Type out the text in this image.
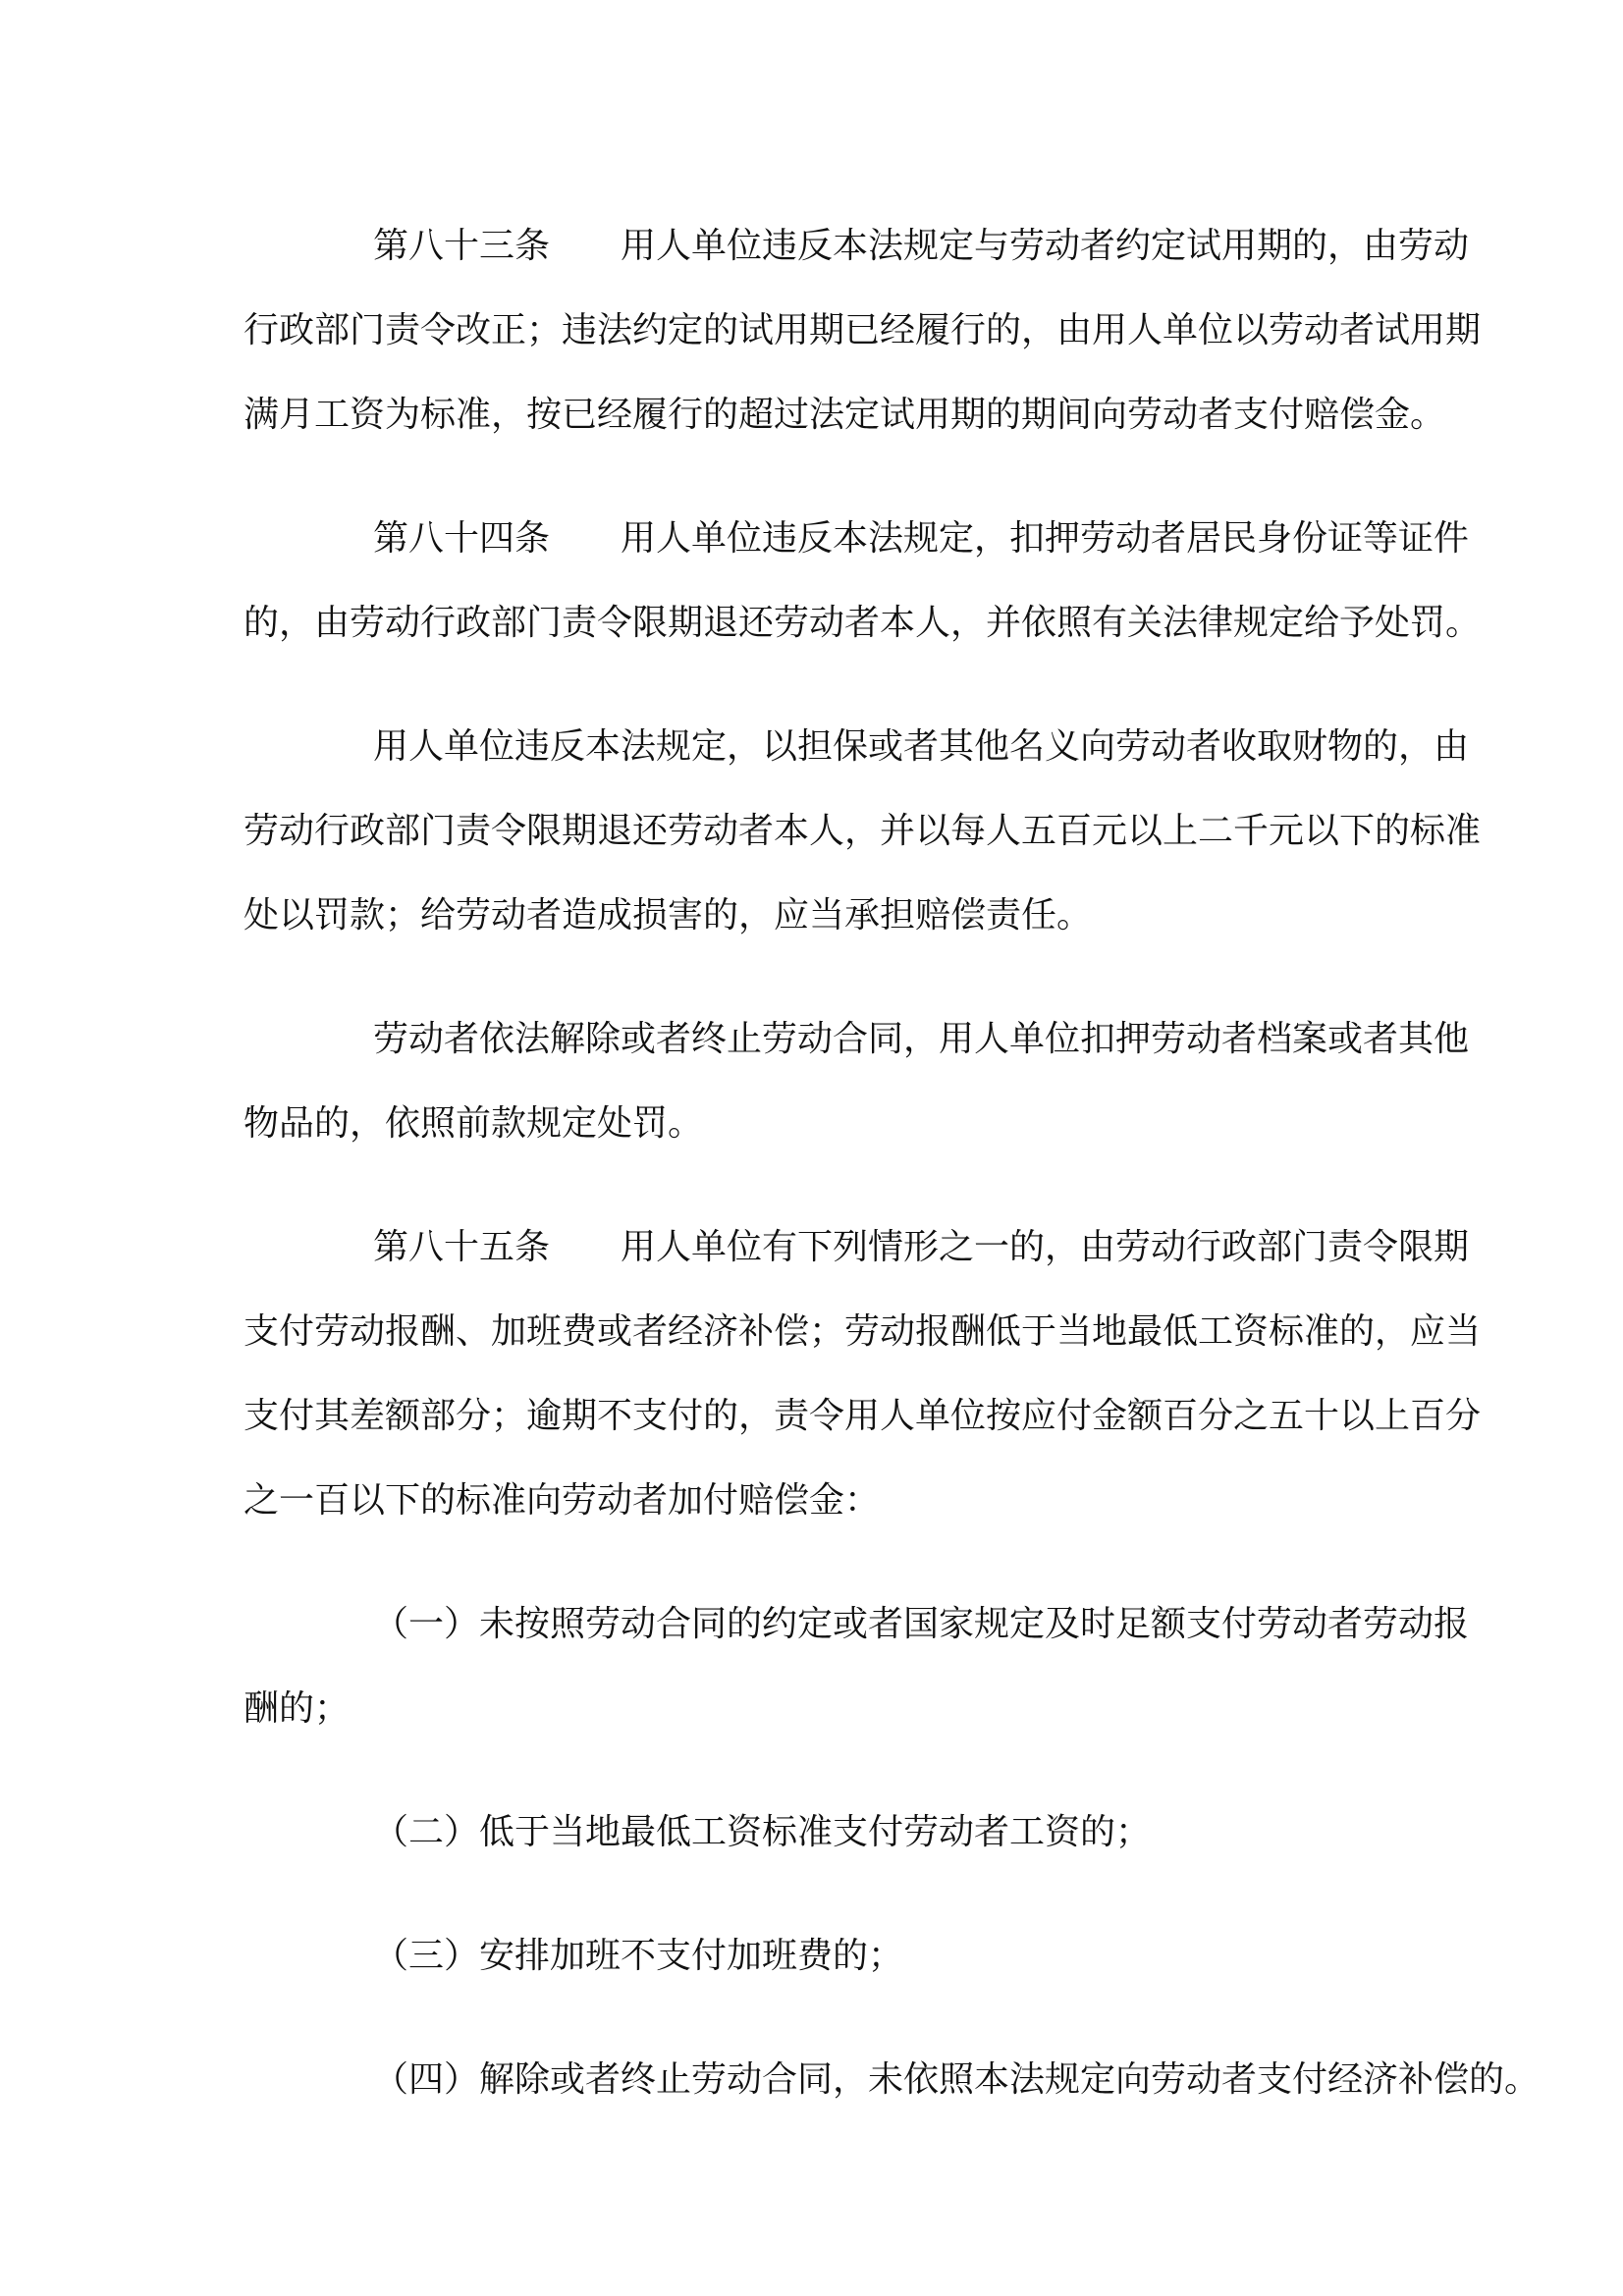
第八十三条　　用人单位违反本法规定与劳动者约定试用期的，由劳动
行政部门责令改正；违法约定的试用期已经履行的，由用人单位以劳动者试用期
满月工资为标准，按已经履行的超过法定试用期的期间向劳动者支付赔偿金。
第八十四条　　用人单位违反本法规定，扣押劳动者居民身份证等证件
的，由劳动行政部门责令限期退还劳动者本人，并依照有关法律规定给予处罚。
用人单位违反本法规定，以担保或者其他名义向劳动者收取财物的，由
劳动行政部门责令限期退还劳动者本人，并以每人五百元以上二千元以下的标准
处以罚款；给劳动者造成损害的，应当承担赔偿责任。
劳动者依法解除或者终止劳动合同，用人单位扣押劳动者档案或者其他
物品的，依照前款规定处罚。
第八十五条　　用人单位有下列情形之一的，由劳动行政部门责令限期
支付劳动报酬、加班费或者经济补偿；劳动报酬低于当地最低工资标准的，应当
支付其差额部分；逾期不支付的，责令用人单位按应付金额百分之五十以上百分
之一百以下的标准向劳动者加付赔偿金：
（一）未按照劳动合同的约定或者国家规定及时足额支付劳动者劳动报
酬的；
（二）低于当地最低工资标准支付劳动者工资的；
（三）安排加班不支付加班费的；
（四）解除或者终止劳动合同，未依照本法规定向劳动者支付经济补偿的。
